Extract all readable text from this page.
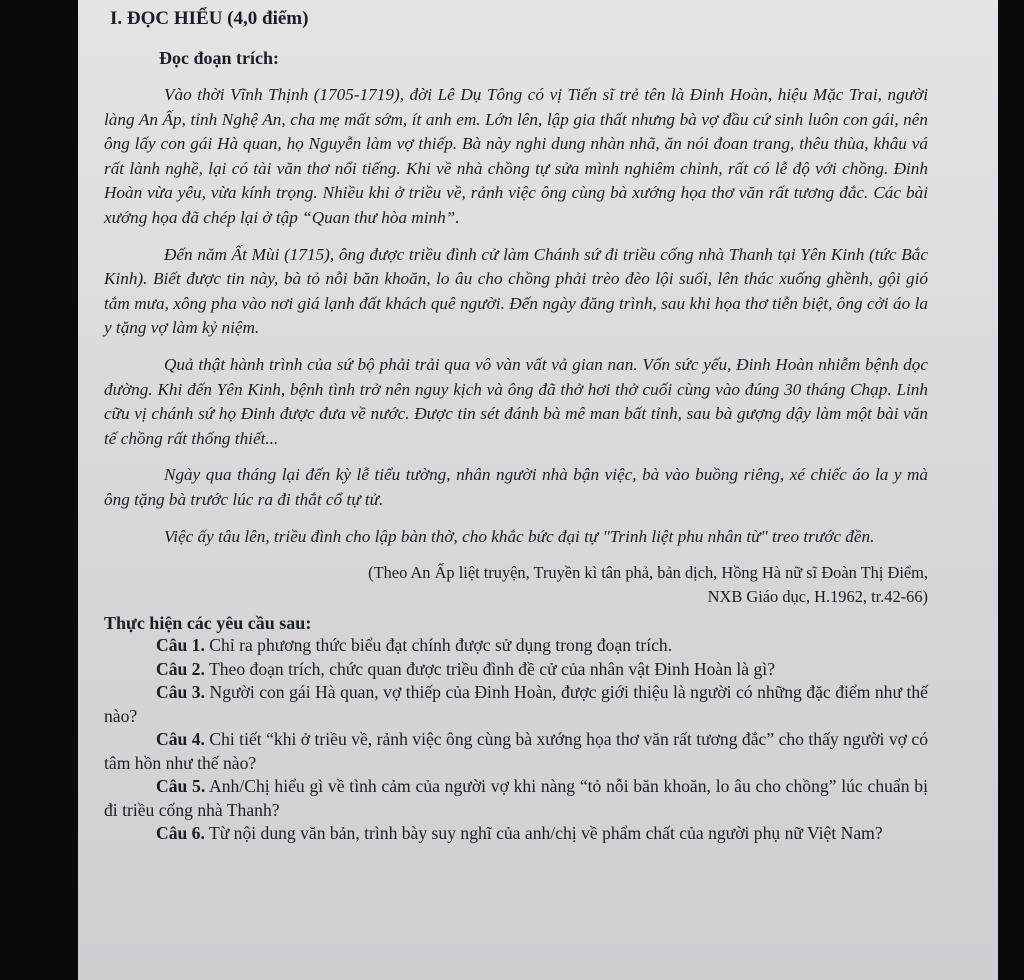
I. ĐỌC HIỂU (4,0 điểm)
Đọc đoạn trích:

Vào thời Vĩnh Thịnh (1705-1719), đời Lê Dụ Tông có vị Tiến sĩ trẻ tên là Đinh Hoàn, hiệu Mặc Trai, người làng An Ấp, tỉnh Nghệ An, cha mẹ mất sớm, ít anh em. Lớn lên, lập gia thất nhưng bà vợ đầu cứ sinh luôn con gái, nên ông lấy con gái Hà quan, họ Nguyễn làm vợ thiếp. Bà này nghi dung nhàn nhã, ăn nói đoan trang, thêu thùa, khâu vá rất lành nghề, lại có tài văn thơ nổi tiếng. Khi về nhà chồng tự sửa mình nghiêm chỉnh, rất có lễ độ với chồng. Đinh Hoàn vừa yêu, vừa kính trọng. Nhiều khi ở triều về, rảnh việc ông cùng bà xướng họa thơ văn rất tương đắc. Các bài xướng họa đã chép lại ở tập “Quan thư hòa minh”.

Đến năm Ất Mùi (1715), ông được triều đình cử làm Chánh sứ đi triều cống nhà Thanh tại Yên Kinh (tức Bắc Kinh). Biết được tin này, bà tỏ nỗi băn khoăn, lo âu cho chồng phải trèo đèo lội suối, lên thác xuống ghềnh, gội gió tắm mưa, xông pha vào nơi giá lạnh đất khách quê người. Đến ngày đăng trình, sau khi họa thơ tiễn biệt, ông cởi áo la y tặng vợ làm kỷ niệm.

Quả thật hành trình của sứ bộ phải trải qua vô vàn vất vả gian nan. Vốn sức yếu, Đinh Hoàn nhiễm bệnh dọc đường. Khi đến Yên Kinh, bệnh tình trở nên nguy kịch và ông đã thở hơi thở cuối cùng vào đúng 30 tháng Chạp. Linh cữu vị chánh sứ họ Đinh được đưa về nước. Được tin sét đánh bà mê man bất tỉnh, sau bà gượng dậy làm một bài văn tế chồng rất thống thiết...

Ngày qua tháng lại đến kỳ lễ tiểu tường, nhân người nhà bận việc, bà vào buồng riêng, xé chiếc áo la y mà ông tặng bà trước lúc ra đi thắt cổ tự tử.

Việc ấy tâu lên, triều đình cho lập bàn thờ, cho khắc bức đại tự "Trinh liệt phu nhân từ" treo trước đền.

(Theo An Ấp liệt truyện, Truyền kì tân phả, bản dịch, Hồng Hà nữ sĩ Đoàn Thị Điểm,
NXB Giáo dục, H.1962, tr.42-66)
Thực hiện các yêu cầu sau:

Câu 1. Chỉ ra phương thức biểu đạt chính được sử dụng trong đoạn trích.

Câu 2. Theo đoạn trích, chức quan được triều đình đề cử của nhân vật Đinh Hoàn là gì?

Câu 3. Người con gái Hà quan, vợ thiếp của Đinh Hoàn, được giới thiệu là người có những đặc điểm như thế nào?

Câu 4. Chi tiết “khi ở triều về, rảnh việc ông cùng bà xướng họa thơ văn rất tương đắc” cho thấy người vợ có tâm hồn như thế nào?

Câu 5. Anh/Chị hiểu gì về tình cảm của người vợ khi nàng “tỏ nỗi băn khoăn, lo âu cho chồng” lúc chuẩn bị đi triều cống nhà Thanh?

Câu 6. Từ nội dung văn bản, trình bày suy nghĩ của anh/chị về phẩm chất của người phụ nữ Việt Nam?
